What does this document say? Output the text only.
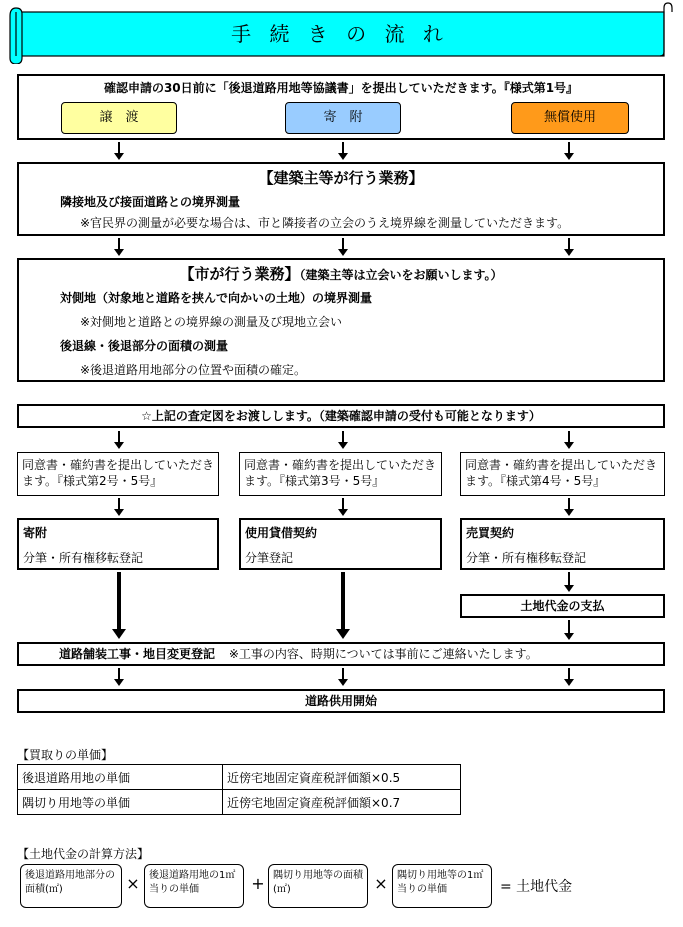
手 続 き の 流 れ
確認申請の30日前に「後退道路用地等協議書」を提出していただきます。『様式第1号』
譲　渡	寄　附	無償使用
【建築主等が行う業務】
隣接地及び接面道路との境界測量
※官民界の測量が必要な場合は、市と隣接者の立会のうえ境界線を測量していただきます。
【市が行う業務】（建築主等は立会いをお願いします。）
対側地（対象地と道路を挟んで向かいの土地）の境界測量
※対側地と道路との境界線の測量及び現地立会い
後退線・後退部分の面積の測量
※後退道路用地部分の位置や面積の確定。
☆上記の査定図をお渡しします。（建築確認申請の受付も可能となります）
同意書・確約書を提出していただきます。『様式第2号・5号』
同意書・確約書を提出していただきます。『様式第3号・5号』
同意書・確約書を提出していただきます。『様式第4号・5号』
寄附
分筆・所有権移転登記
使用貸借契約
分筆登記
売買契約
分筆・所有権移転登記
土地代金の支払
道路舗装工事・地目変更登記 ※工事の内容、時期については事前にご連絡いたします。
道路供用開始
【買取りの単価】
後退道路用地の単価	近傍宅地固定資産税評価額×0.5
隅切り用地等の単価	近傍宅地固定資産税評価額×0.7
【土地代金の計算方法】
後退道路用地部分の面積(㎡)	× 後退道路用地の1㎡当りの単価	+ 隅切り用地等の面積(㎡)	× 隅切り用地等の1㎡当りの単価	= 土地代金
